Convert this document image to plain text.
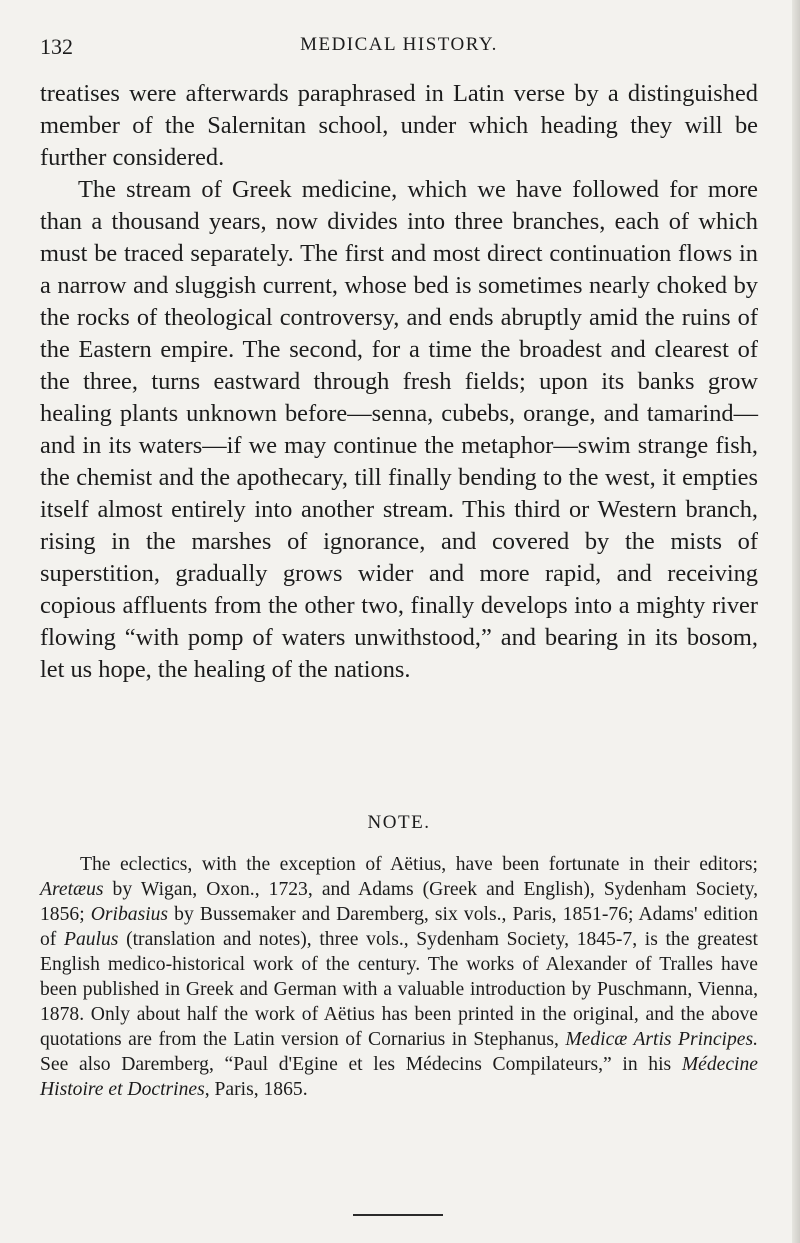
132	MEDICAL HISTORY.

treatises were afterwards paraphrased in Latin verse by a distinguished member of the Salernitan school, under which heading they will be further considered.

The stream of Greek medicine, which we have followed for more than a thousand years, now divides into three branches, each of which must be traced separately. The first and most direct continuation flows in a narrow and sluggish current, whose bed is sometimes nearly choked by the rocks of theological controversy, and ends abruptly amid the ruins of the Eastern empire. The second, for a time the broadest and clearest of the three, turns eastward through fresh fields; upon its banks grow healing plants unknown before—senna, cubebs, orange, and tamarind—and in its waters—if we may continue the metaphor—swim strange fish, the chemist and the apothecary, till finally bending to the west, it empties itself almost entirely into another stream. This third or Western branch, rising in the marshes of ignorance, and covered by the mists of superstition, gradually grows wider and more rapid, and receiving copious affluents from the other two, finally develops into a mighty river flowing “with pomp of waters unwithstood,” and bearing in its bosom, let us hope, the healing of the nations.

NOTE.

The eclectics, with the exception of Aëtius, have been fortunate in their editors; Aretæus by Wigan, Oxon., 1723, and Adams (Greek and English), Sydenham Society, 1856; Oribasius by Bussemaker and Daremberg, six vols., Paris, 1851-76; Adams' edition of Paulus (translation and notes), three vols., Sydenham Society, 1845-7, is the greatest English medico-historical work of the century. The works of Alexander of Tralles have been published in Greek and German with a valuable introduction by Puschmann, Vienna, 1878. Only about half the work of Aëtius has been printed in the original, and the above quotations are from the Latin version of Cornarius in Stephanus, Medicæ Artis Principes. See also Daremberg, “Paul d'Egine et les Médecins Compilateurs,” in his Médecine Histoire et Doctrines, Paris, 1865.
